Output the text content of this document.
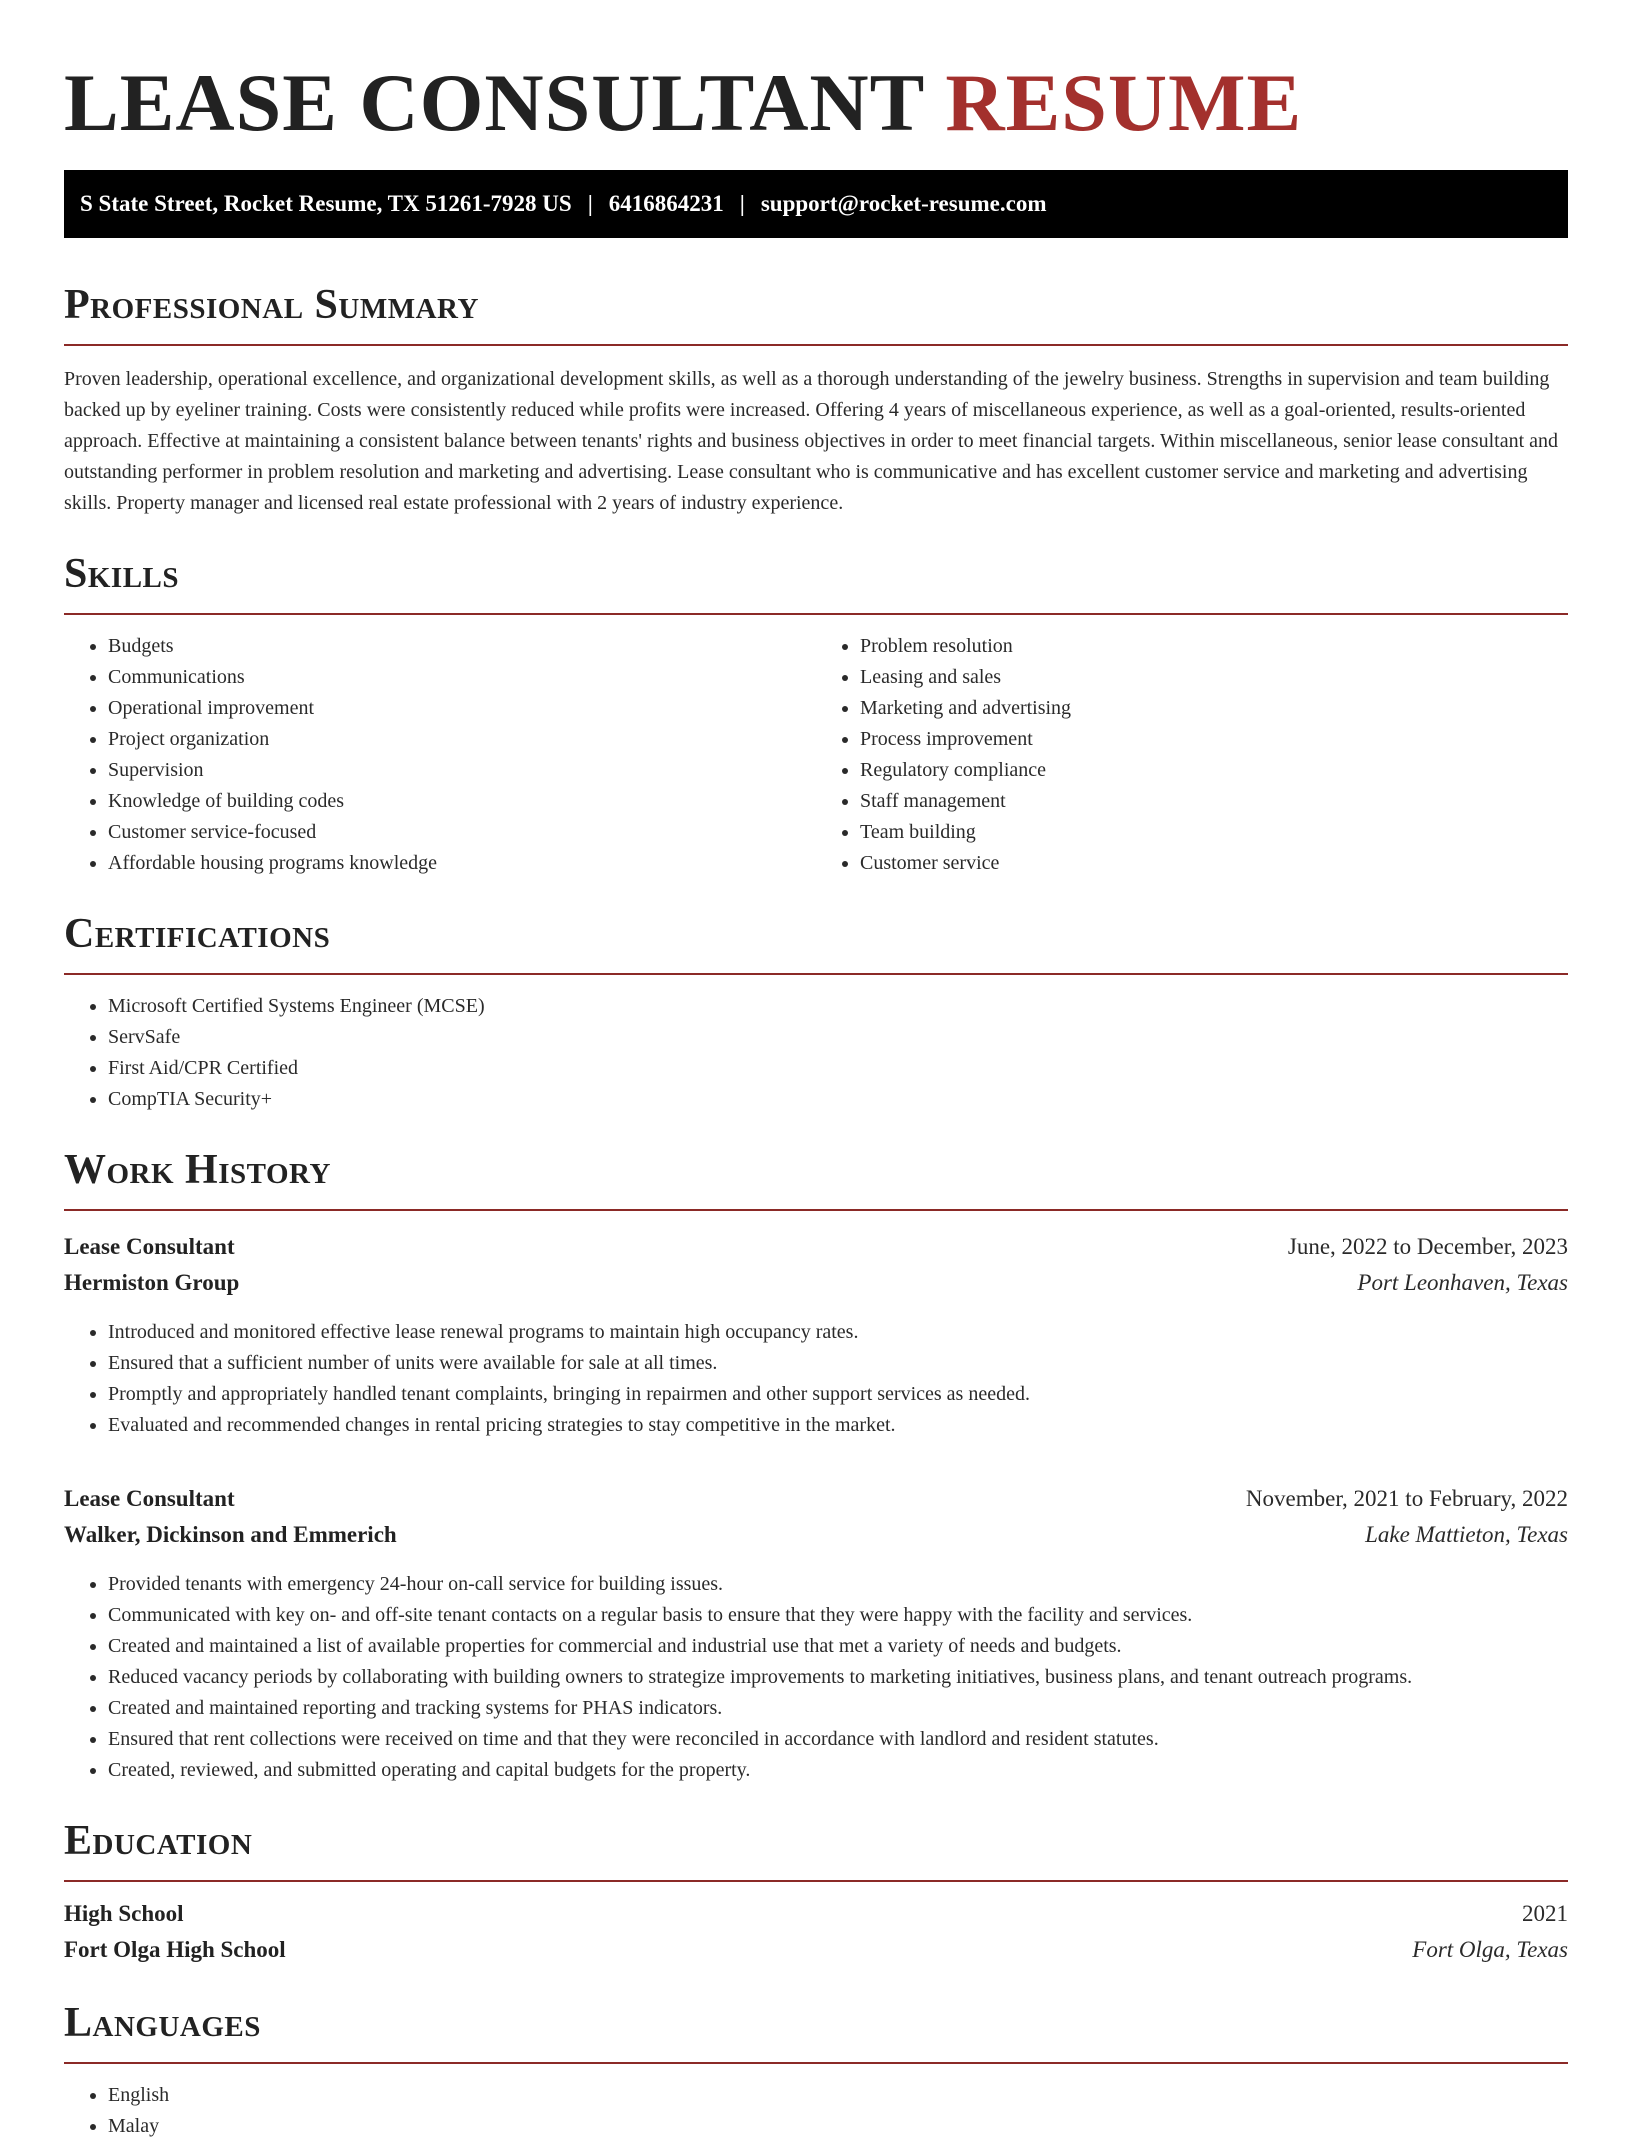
LEASE CONSULTANT RESUME
S State Street, Rocket Resume, TX 51261-7928 US | 6416864231 | support@rocket-resume.com
Professional Summary

Proven leadership, operational excellence, and organizational development skills, as well as a thorough understanding of the jewelry business. Strengths in supervision and team building backed up by eyeliner training. Costs were consistently reduced while profits were increased. Offering 4 years of miscellaneous experience, as well as a goal-oriented, results-oriented approach. Effective at maintaining a consistent balance between tenants' rights and business objectives in order to meet financial targets. Within miscellaneous, senior lease consultant and outstanding performer in problem resolution and marketing and advertising. Lease consultant who is communicative and has excellent customer service and marketing and advertising skills. Property manager and licensed real estate professional with 2 years of industry experience.

Skills
• Budgets
• Communications
• Operational improvement
• Project organization
• Supervision
• Knowledge of building codes
• Customer service-focused
• Affordable housing programs knowledge
• Problem resolution
• Leasing and sales
• Marketing and advertising
• Process improvement
• Regulatory compliance
• Staff management
• Team building
• Customer service
Certifications
• Microsoft Certified Systems Engineer (MCSE)
• ServSafe
• First Aid/CPR Certified
• CompTIA Security+
Work History
Lease Consultant	June, 2022 to December, 2023
Hermiston Group	Port Leonhaven, Texas
• Introduced and monitored effective lease renewal programs to maintain high occupancy rates.
• Ensured that a sufficient number of units were available for sale at all times.
• Promptly and appropriately handled tenant complaints, bringing in repairmen and other support services as needed.
• Evaluated and recommended changes in rental pricing strategies to stay competitive in the market.
Lease Consultant	November, 2021 to February, 2022
Walker, Dickinson and Emmerich	Lake Mattieton, Texas
• Provided tenants with emergency 24-hour on-call service for building issues.
• Communicated with key on- and off-site tenant contacts on a regular basis to ensure that they were happy with the facility and services.
• Created and maintained a list of available properties for commercial and industrial use that met a variety of needs and budgets.
• Reduced vacancy periods by collaborating with building owners to strategize improvements to marketing initiatives, business plans, and tenant outreach programs.
• Created and maintained reporting and tracking systems for PHAS indicators.
• Ensured that rent collections were received on time and that they were reconciled in accordance with landlord and resident statutes.
• Created, reviewed, and submitted operating and capital budgets for the property.
Education
High School	2021
Fort Olga High School	Fort Olga, Texas
Languages
• English
• Malay
